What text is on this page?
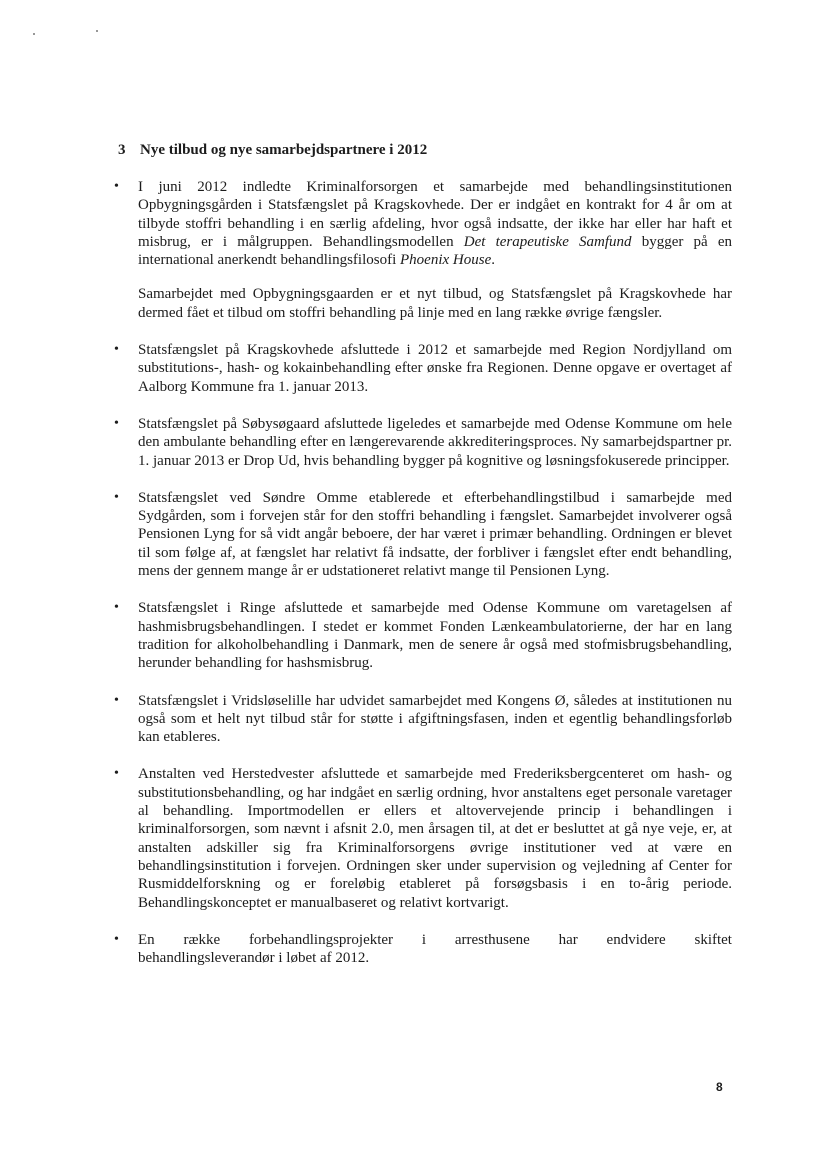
3 Nye tilbud og nye samarbejdspartnere i 2012
• I juni 2012 indledte Kriminalforsorgen et samarbejde med behandlingsinstitutionen Opbygningsgården i Statsfængslet på Kragskovhede. Der er indgået en kontrakt for 4 år om at tilbyde stoffri behandling i en særlig afdeling, hvor også indsatte, der ikke har eller har haft et misbrug, er i målgruppen. Behandlingsmodellen Det terapeutiske Samfund bygger på en international anerkendt behandlingsfilosofi Phoenix House.

Samarbejdet med Opbygningsgaarden er et nyt tilbud, og Statsfængslet på Kragskovhede har dermed fået et tilbud om stoffri behandling på linje med en lang række øvrige fængsler.

• Statsfængslet på Kragskovhede afsluttede i 2012 et samarbejde med Region Nordjylland om substitutions-, hash- og kokainbehandling efter ønske fra Regionen. Denne opgave er overtaget af Aalborg Kommune fra 1. januar 2013.

• Statsfængslet på Søbysøgaard afsluttede ligeledes et samarbejde med Odense Kommune om hele den ambulante behandling efter en længerevarende akkrediteringsproces. Ny samarbejdspartner pr. 1. januar 2013 er Drop Ud, hvis behandling bygger på kognitive og løsningsfokuserede principper.

• Statsfængslet ved Søndre Omme etablerede et efterbehandlingstilbud i samarbejde med Sydgården, som i forvejen står for den stoffri behandling i fængslet. Samarbejdet involverer også Pensionen Lyng for så vidt angår beboere, der har været i primær behandling. Ordningen er blevet til som følge af, at fængslet har relativt få indsatte, der forbliver i fængslet efter endt behandling, mens der gennem mange år er udstationeret relativt mange til Pensionen Lyng.

• Statsfængslet i Ringe afsluttede et samarbejde med Odense Kommune om varetagelsen af hashmisbrugsbehandlingen. I stedet er kommet Fonden Lænkeambulatorierne, der har en lang tradition for alkoholbehandling i Danmark, men de senere år også med stofmisbrugsbehandling, herunder behandling for hashsmisbrug.

• Statsfængslet i Vridsløselille har udvidet samarbejdet med Kongens Ø, således at institutionen nu også som et helt nyt tilbud står for støtte i afgiftningsfasen, inden et egentlig behandlingsforløb kan etableres.

• Anstalten ved Herstedvester afsluttede et samarbejde med Frederiksbergcenteret om hash- og substitutionsbehandling, og har indgået en særlig ordning, hvor anstaltens eget personale varetager al behandling. Importmodellen er ellers et altovervejende princip i behandlingen i kriminalforsorgen, som nævnt i afsnit 2.0, men årsagen til, at det er besluttet at gå nye veje, er, at anstalten adskiller sig fra Kriminalforsorgens øvrige institutioner ved at være en behandlingsinstitution i forvejen. Ordningen sker under supervision og vejledning af Center for Rusmiddelforskning og er foreløbig etableret på forsøgsbasis i en to-årig periode. Behandlingskonceptet er manualbaseret og relativt kortvarigt.

• En række forbehandlingsprojekter i arresthusene har endvidere skiftet

behandlingsleverandør i løbet af 2012.

8
